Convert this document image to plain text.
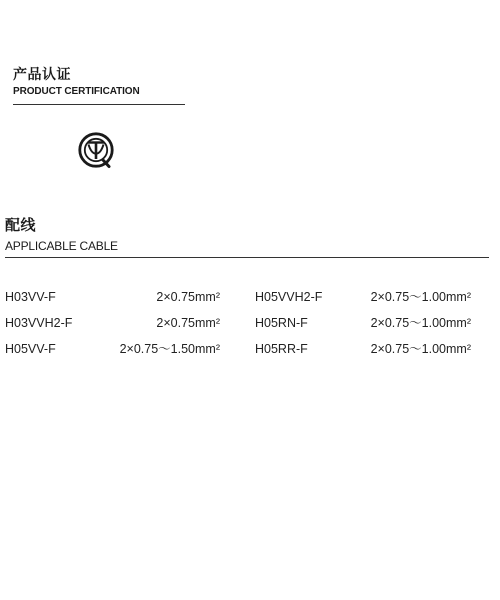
产品认证
PRODUCT CERTIFICATION
配线
APPLICABLE CABLE
H03VV-F	2×0.75mm²	H05VVH2-F	2×0.75～1.00mm²
H03VVH2-F	2×0.75mm²	H05RN-F	2×0.75～1.00mm²
H05VV-F	2×0.75～1.50mm²	H05RR-F	2×0.75～1.00mm²
